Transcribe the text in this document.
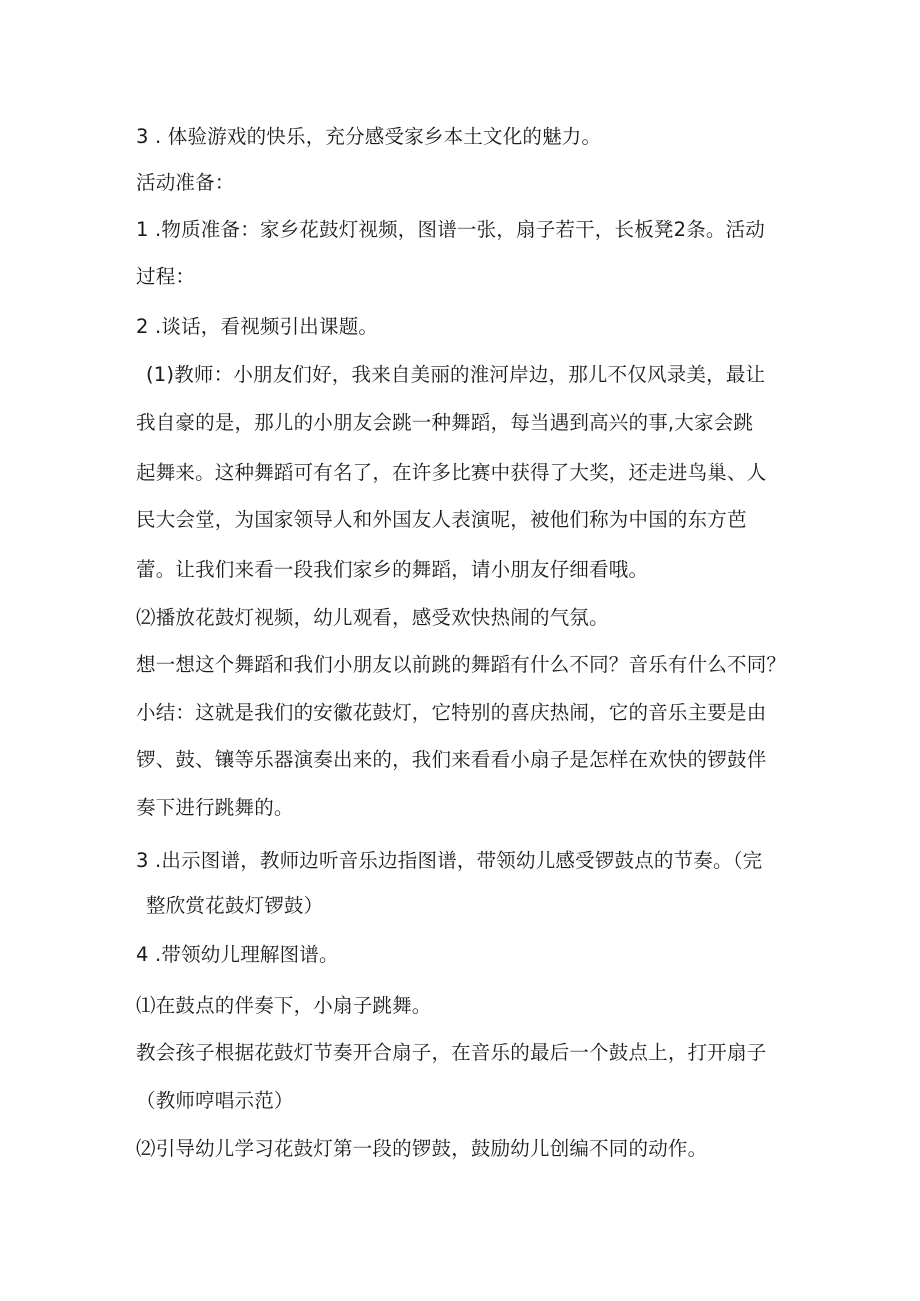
3 . 体验游戏的快乐，充分感受家乡本土文化的魅力。
活动准备：
1 .物质准备：家乡花鼓灯视频，图谱一张，扇子若干，长板凳2条。活动
过程：
2 .谈话，看视频引出课题。
(1)教师：小朋友们好，我来自美丽的淮河岸边，那儿不仅风录美，最让
我自豪的是，那儿的小朋友会跳一种舞蹈，每当遇到高兴的事,大家会跳
起舞来。这种舞蹈可有名了，在许多比赛中获得了大奖，还走进鸟巢、人
民大会堂，为国家领导人和外国友人表演呢，被他们称为中国的东方芭
蕾。让我们来看一段我们家乡的舞蹈，请小朋友仔细看哦。
⑵播放花鼓灯视频，幼儿观看，感受欢快热闹的气氛。
想一想这个舞蹈和我们小朋友以前跳的舞蹈有什么不同？音乐有什么不同？
小结：这就是我们的安徽花鼓灯，它特别的喜庆热闹，它的音乐主要是由
锣、鼓、镶等乐器演奏出来的，我们来看看小扇子是怎样在欢快的锣鼓伴
奏下进行跳舞的。
3 .出示图谱，教师边听音乐边指图谱，带领幼儿感受锣鼓点的节奏。（完
整欣赏花鼓灯锣鼓）
4 .带领幼儿理解图谱。
⑴在鼓点的伴奏下，小扇子跳舞。
教会孩子根据花鼓灯节奏开合扇子，在音乐的最后一个鼓点上，打开扇子
（教师哼唱示范）
⑵引导幼儿学习花鼓灯第一段的锣鼓，鼓励幼儿创编不同的动作。
